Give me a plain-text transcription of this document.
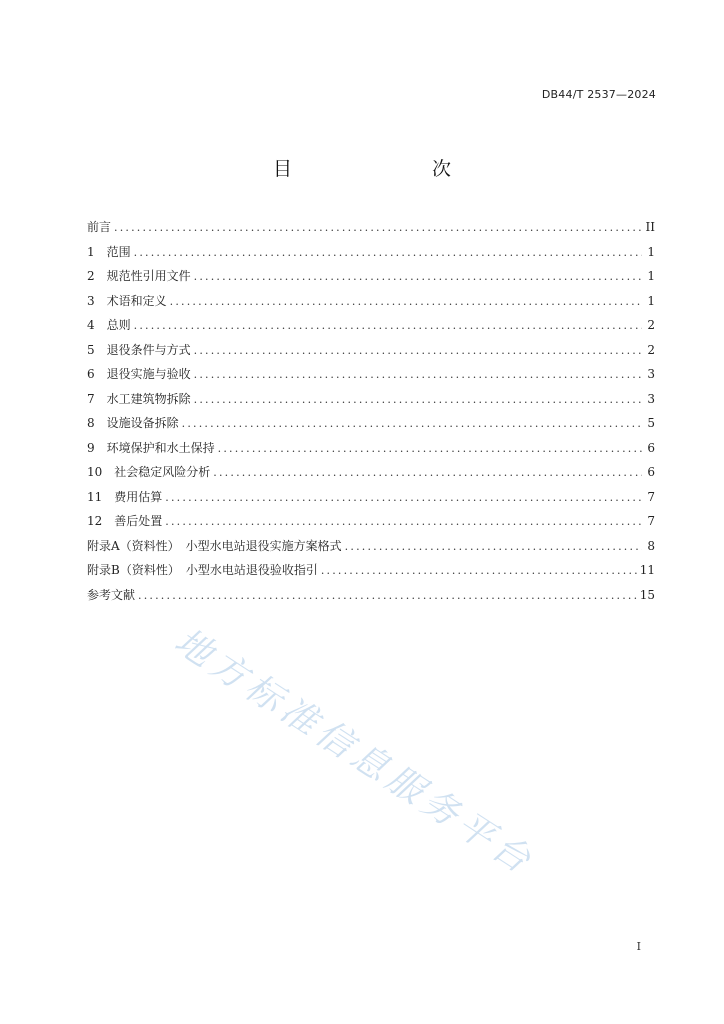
DB44/T 2537—2024
目　　次
前言 .....	II
1　范围 .....	1
2　规范性引用文件 .....	1
3　术语和定义 .....	1
4　总则 .....	2
5　退役条件与方式 .....	2
6　退役实施与验收 .....	3
7　水工建筑物拆除 .....	3
8　设施设备拆除 .....	5
9　环境保护和水土保持 .....	6
10　社会稳定风险分析 .....	6
11　费用估算 .....	7
12　善后处置 .....	7
附录A（资料性）　小型水电站退役实施方案格式 .....	8
附录B（资料性）　小型水电站退役验收指引 .....	11
参考文献 .....	15
地方标准信息服务平台
I
